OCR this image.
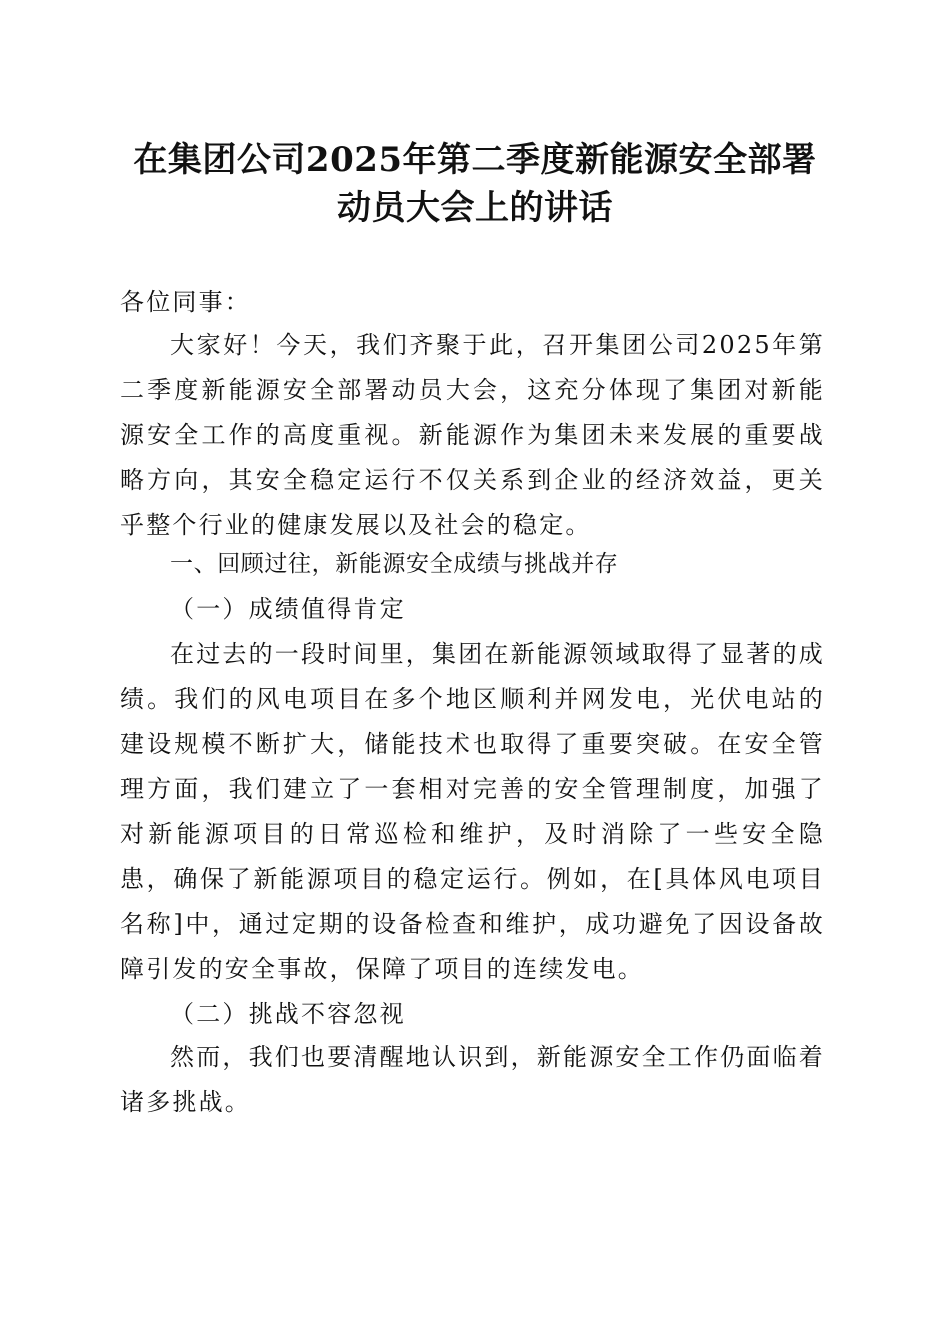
在集团公司2025年第二季度新能源安全部署
动员大会上的讲话

各位同事：

大家好！今天，我们齐聚于此，召开集团公司2025年第二季度新能源安全部署动员大会，这充分体现了集团对新能源安全工作的高度重视。新能源作为集团未来发展的重要战略方向，其安全稳定运行不仅关系到企业的经济效益，更关乎整个行业的健康发展以及社会的稳定。

一、回顾过往，新能源安全成绩与挑战并存

（一）成绩值得肯定

在过去的一段时间里，集团在新能源领域取得了显著的成绩。我们的风电项目在多个地区顺利并网发电，光伏电站的建设规模不断扩大，储能技术也取得了重要突破。在安全管理方面，我们建立了一套相对完善的安全管理制度，加强了对新能源项目的日常巡检和维护，及时消除了一些安全隐患，确保了新能源项目的稳定运行。例如，在[具体风电项目名称]中，通过定期的设备检查和维护，成功避免了因设备故障引发的安全事故，保障了项目的连续发电。

（二）挑战不容忽视

然而，我们也要清醒地认识到，新能源安全工作仍面临着诸多挑战。
